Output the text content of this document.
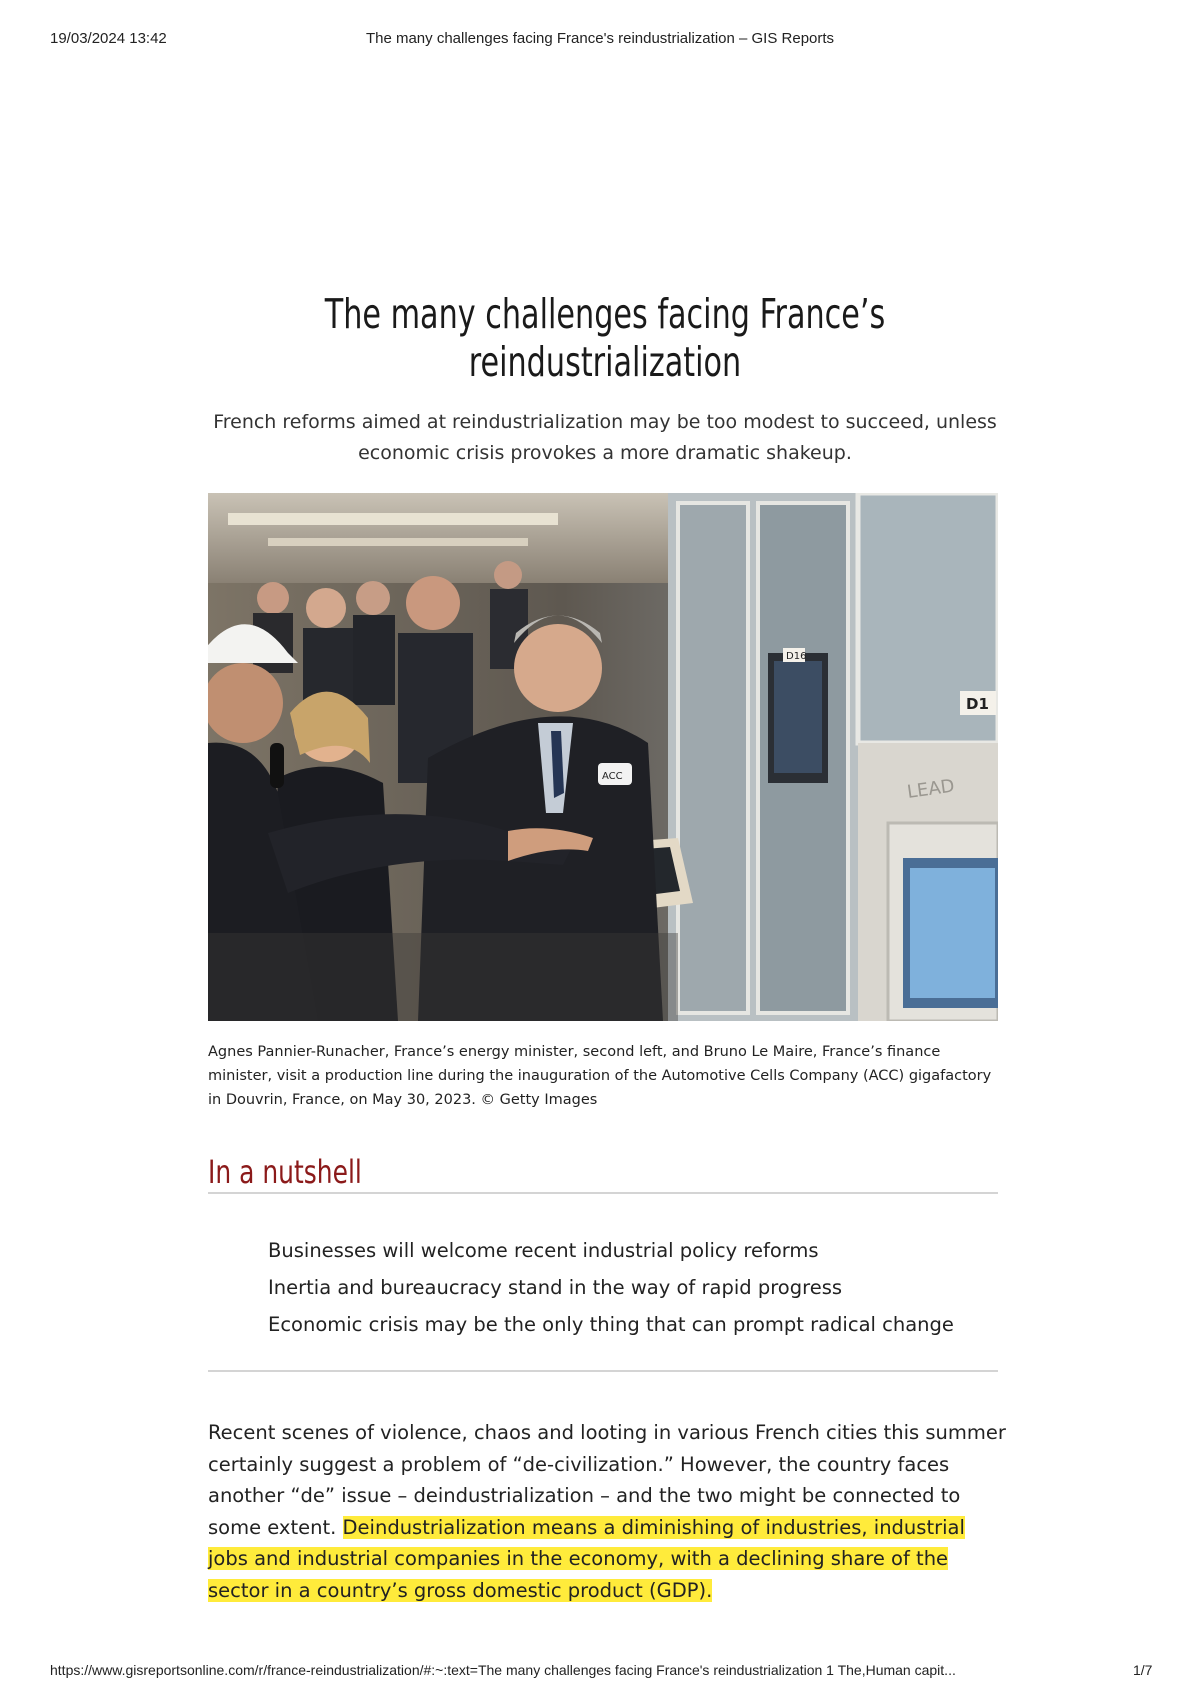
19/03/2024 13:42	The many challenges facing France's reindustrialization – GIS Reports
The many challenges facing France’s reindustrialization

French reforms aimed at reindustrialization may be too modest to succeed, unless economic crisis provokes a more dramatic shakeup.

D16
D1
LEAD
ACC

Agnes Pannier-Runacher, France’s energy minister, second left, and Bruno Le Maire, France’s finance minister, visit a production line during the inauguration of the Automotive Cells Company (ACC) gigafactory in Douvrin, France, on May 30, 2023. © Getty Images

In a nutshell
Businesses will welcome recent industrial policy reforms
Inertia and bureaucracy stand in the way of rapid progress
Economic crisis may be the only thing that can prompt radical change

Recent scenes of violence, chaos and looting in various French cities this summer certainly suggest a problem of “de-civilization.” However, the country faces another “de” issue – deindustrialization – and the two might be connected to some extent. Deindustrialization means a diminishing of industries, industrial jobs and industrial companies in the economy, with a declining share of the sector in a country’s gross domestic product (GDP).

https://www.gisreportsonline.com/r/france-reindustrialization/#:~:text=The many challenges facing France's reindustrialization 1 The,Human capit...	1/7
